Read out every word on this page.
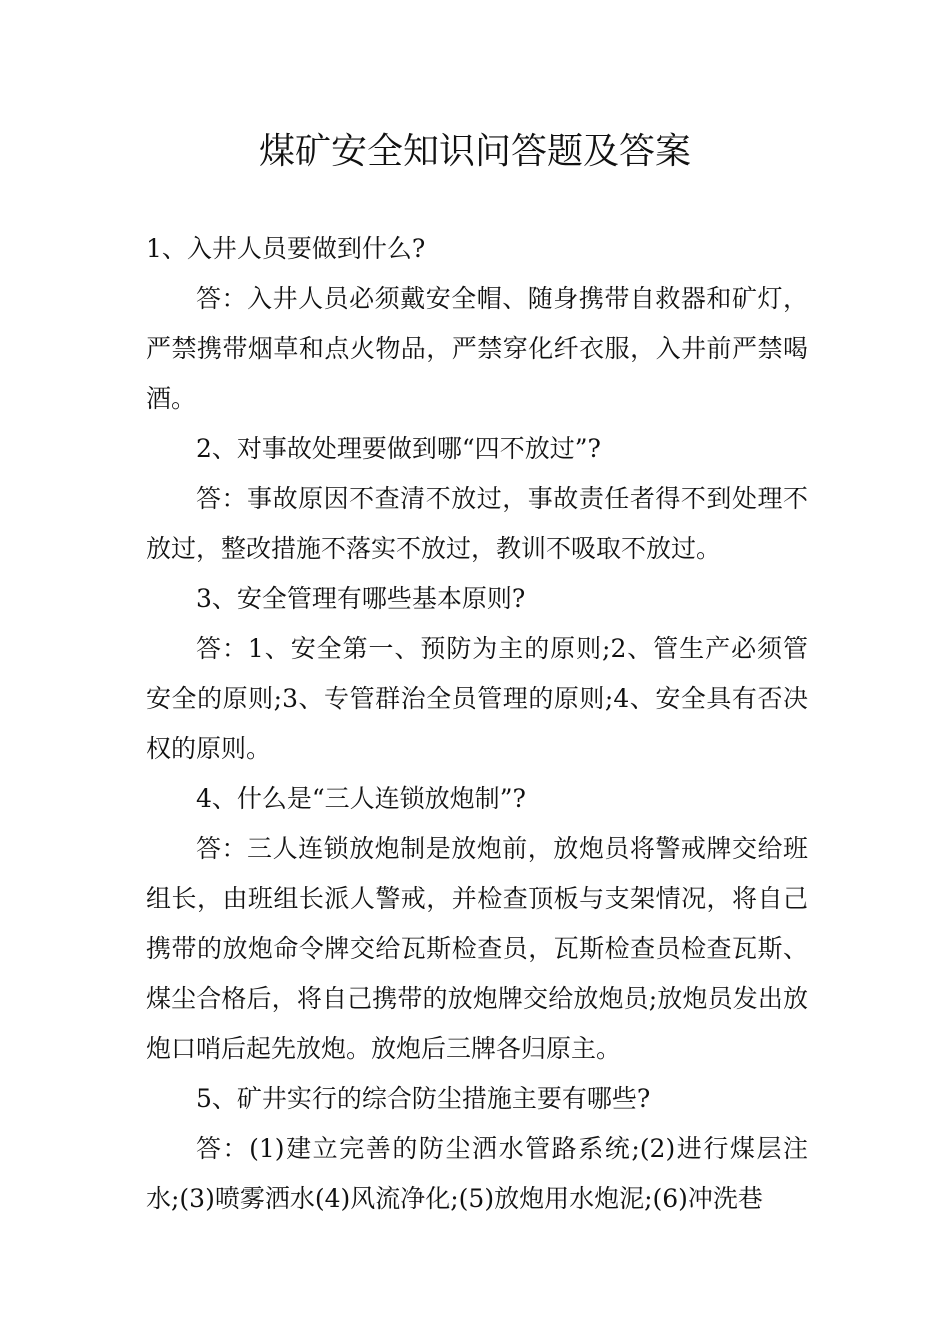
煤矿安全知识问答题及答案

1、入井人员要做到什么?

答：入井人员必须戴安全帽、随身携带自救器和矿灯，严禁携带烟草和点火物品，严禁穿化纤衣服，入井前严禁喝酒。

2、对事故处理要做到哪“四不放过”?

答：事故原因不查清不放过，事故责任者得不到处理不放过，整改措施不落实不放过，教训不吸取不放过。

3、安全管理有哪些基本原则?

答：1、安全第一、预防为主的原则;2、管生产必须管安全的原则;3、专管群治全员管理的原则;4、安全具有否决权的原则。

4、什么是“三人连锁放炮制”?

答：三人连锁放炮制是放炮前，放炮员将警戒牌交给班组长，由班组长派人警戒，并检查顶板与支架情况，将自己携带的放炮命令牌交给瓦斯检查员，瓦斯检查员检查瓦斯、煤尘合格后，将自己携带的放炮牌交给放炮员;放炮员发出放炮口哨后起先放炮。放炮后三牌各归原主。

5、矿井实行的综合防尘措施主要有哪些?

答：(1)建立完善的防尘洒水管路系统;(2)进行煤层注水;(3)喷雾洒水(4)风流净化;(5)放炮用水炮泥;(6)冲洗巷
